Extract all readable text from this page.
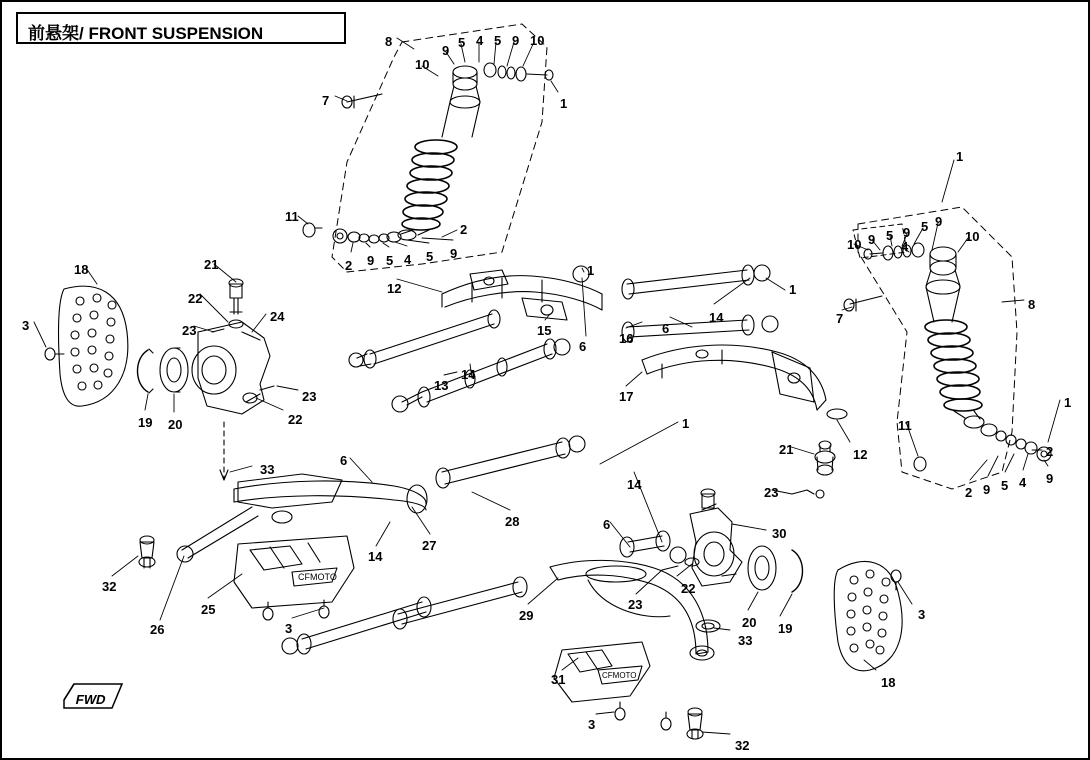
CFMOTO
CFMOTO
前悬架/ FRONT SUSPENSION
FWD
8
9
5 4 5 9 10
10
1
7
11
2
2 9 5 4 5 9
12
1
1
14
6
16
15
6
13
14
17
18
3
21
22
23
24
23
22
19 20
33
6
1
14
28
27
14
32
25
26	3
29
6
23
22
30
20 19
33
3
18
31
3
32
1
5 9 5 9
10 9 4
10
8
7
1
11
2
2 9 5 4 9
21	12
23
